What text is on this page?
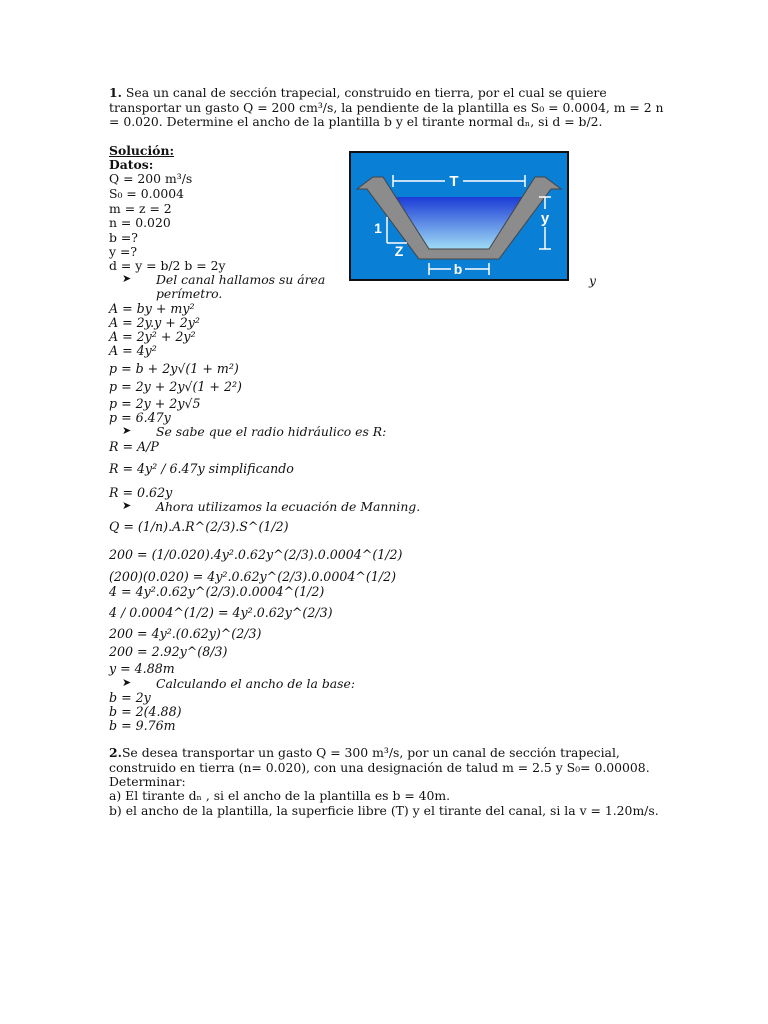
1. Sea un canal de sección trapecial, construido en tierra, por el cual se quiere transportar un gasto Q = 200 cm³/s, la pendiente de la plantilla es S₀ = 0.0004, m = 2 n = 0.020. Determine el ancho de la plantilla b y el tirante normal dₙ, si d = b/2.
Solución:
Datos:
Q = 200 m³/s
S₀ = 0.0004
m = z = 2
n = 0.020
b =?
y =?
d = y = b/2 b = 2y
T
y
1
Z
b
➤ Del canal hallamos su área	y
perímetro.
A = by + my²
A = 2y.y + 2y²
A = 2y² + 2y²
A = 4y²
p = b + 2y√(1 + m²)
p = 2y + 2y√(1 + 2²)
p = 2y + 2y√5
p = 6.47y
➤ Se sabe que el radio hidráulico es R:
R = A/P
R = 4y² / 6.47y simplificando
R = 0.62y
➤ Ahora utilizamos la ecuación de Manning.
Q = (1/n).A.R^(2/3).S^(1/2)
200 = (1/0.020).4y².0.62y^(2/3).0.0004^(1/2)
(200)(0.020) = 4y².0.62y^(2/3).0.0004^(1/2)
4 = 4y².0.62y^(2/3).0.0004^(1/2)
4 / 0.0004^(1/2) = 4y².0.62y^(2/3)
200 = 4y².(0.62y)^(2/3)
200 = 2.92y^(8/3)
y = 4.88m
➤ Calculando el ancho de la base:
b = 2y
b = 2(4.88)
b = 9.76m
2.Se desea transportar un gasto Q = 300 m³/s, por un canal de sección trapecial, construido en tierra (n= 0.020), con una designación de talud m = 2.5 y S₀= 0.00008.
Determinar:
a) El tirante dₙ , si el ancho de la plantilla es b = 40m.
b) el ancho de la plantilla, la superficie libre (T) y el tirante del canal, si la v = 1.20m/s.
